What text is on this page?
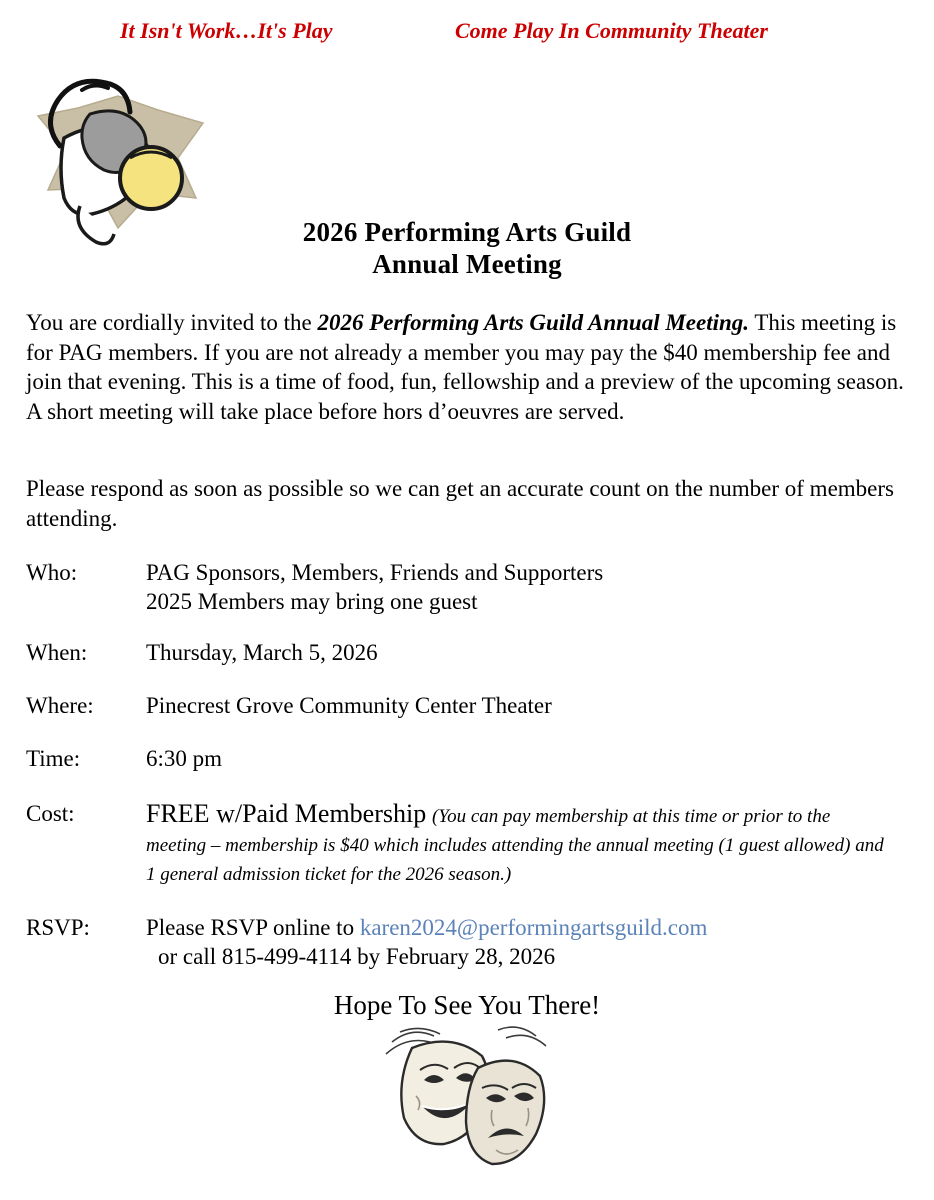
It Isn't Work…It's Play	Come Play In Community Theater
2026 Performing Arts Guild
Annual Meeting
You are cordially invited to the 2026 Performing Arts Guild Annual Meeting. This meeting is for PAG members. If you are not already a member you may pay the $40 membership fee and join that evening. This is a time of food, fun, fellowship and a preview of the upcoming season. A short meeting will take place before hors d’oeuvres are served.
Please respond as soon as possible so we can get an accurate count on the number of members attending.
Who:	PAG Sponsors, Members, Friends and Supporters
2025 Members may bring one guest
When:	Thursday, March 5, 2026
Where: Pinecrest Grove Community Center Theater
Time:	6:30 pm
Cost:	FREE w/Paid Membership (You can pay membership at this time or prior to the meeting – membership is $40 which includes attending the annual meeting (1 guest allowed) and 1 general admission ticket for the 2026 season.)
RSVP: Please RSVP online to karen2024@performingartsguild.com
or call 815-499-4114 by February 28, 2026
Hope To See You There!
